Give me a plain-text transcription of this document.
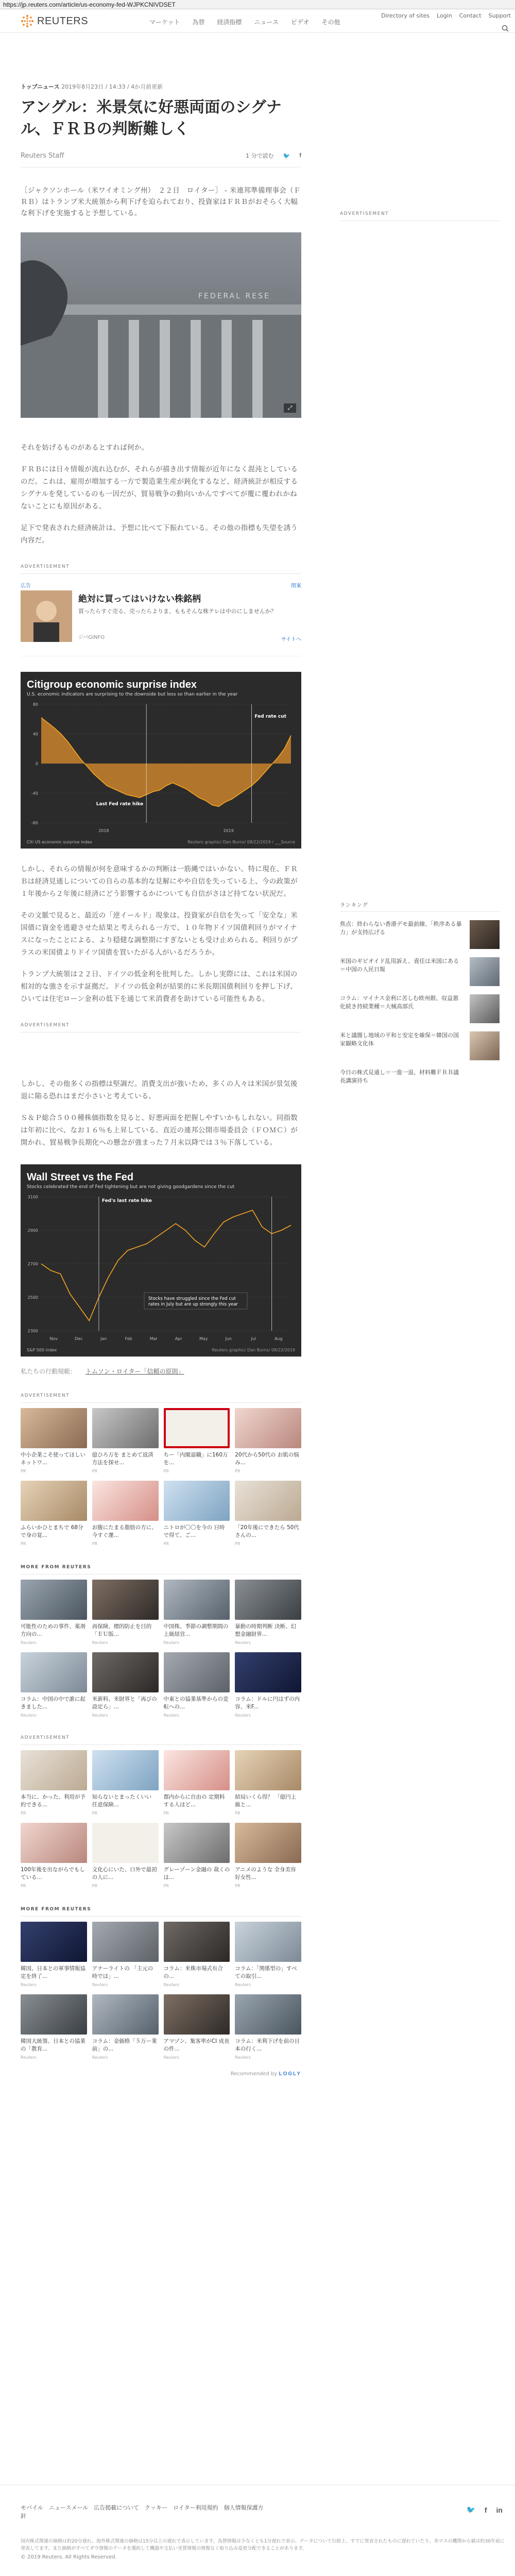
https://jp.reuters.com/article/us-economy-fed-WJPKCNIVDSET
REUTERS	マーケット 為替 経済指標 ニュース ビデオ その他
Directory of sites Login Contact Support
トップニュース 2019年8月23日 / 14:33 / 4か月前更新
アングル：米景気に好悪両面のシグナル、ＦＲＢの判断難しく
Reuters Staff	1 分で読む 🐦 f

［ジャクソンホール（米ワイオミング州）　２２日　ロイター］ - 米連邦準備理事会（ＦＲＢ）はトランプ米大統領から利下げを迫られており、投資家はＦＲＢがおそらく大幅な利下げを実施すると予想している。

FEDERAL RESE
⤢

それを妨げるものがあるとすれば何か。

ＦＲＢには日々情報が流れ込むが、それらが描き出す情報が近年になく混沌としているのだ。これは、雇用が増加する一方で製造業生産が鈍化するなど、経済統計が相反するシグナルを発しているのも一因だが、貿易戦争の動向いかんですべてが覆に覆われかねないことにも原因がある。

足下で発表された経済統計は、予想に比べて下振れている。その他の指標も失望を誘う内容だ。

ADVERTISEMENT
広告	閉案
絶対に買ってはいけない株銘柄
買ったらすぐ売る、売ったらよりま、ももそんな株テレは中のにしませんか？
ジパGINFO	サイトへ
Citigroup economic surprise index
U.S. economic indicators are surprising to the downside but less so than earlier in the year
-80
-40
0
40
80
2018	2019
Last Fed rate hike
Fed rate cut
Citi US economic surprise index	Reuters graphic/ Dan Burns/ 08/22/2019 / ___Source

しかし、それらの情報が何を意味するかの判断は一筋縄ではいかない。特に現在、ＦＲＢは経済見通しについての自らの基本的な見解にやや自信を失っている上、今の政策が１年後から２年後に経済にどう影響するかについても自信がさほど持てない状況だ。

その文脈で見ると、最近の「逆イールド」現象は、投資家が自信を失って「安全な」米国債に資金を逃避させた結果と考えられる一方で、１０年物ドイツ国債利回りがマイナスになったことによる、より穏健な調整期にすぎないとも受け止められる。利回りがプラスの米国債よりドイツ国債を買いたがる人がいるだろうか。

トランプ大統領は２２日、ドイツの低金利を批判した。しかし実際には、これは米国の相対的な強さを示す証拠だ。ドイツの低金利が結果的に米長期国債利回りを押し下げ、ひいては住宅ローン金利の低下を通じて米消費者を助けている可能性もある。

ADVERTISEMENT

しかし、その他多くの指標は堅調だ。消費支出が強いため、多くの人々は米国が景気後退に陥る恐れはまだ小さいと考えている。

Ｓ＆Ｐ総合５００種株価指数を見ると、好悪両面を把握しやすいかもしれない。同指数は年初に比べ、なお１６％も上昇している。直近の連邦公開市場委員会（ＦＯＭＣ）が開かれ、貿易戦争長期化への懸念が強まった７月末以降では３％下落している。

Wall Street vs the Fed
Stocks celebrated the end of Fed tightening but are not giving goodgardens since the cut
2300
2500
2700
2900
3100
Nov	Dec	Jan	Feb	Mar	Apr	May	Jun	Jul	Aug
Fed's last rate hike
Stocks have struggled since the Fed cut rates in July but are up strongly this year
S&P 500 index	Reuters graphic/ Dan Burns/ 08/22/2019
私たちの行動規範： トムソン・ロイター「信頼の原則」
ADVERTISEMENT
中小企業こそ使ってほしいネットワ...
PR
億ひろ万を まとめて返済方法を探せ...
PR
ちー「内閣退職」に160万を...
PR
20代から50代の お肌の悩み...
PR
ふらいかひとまちで 68分で身の覚...
PR
お腹にたまる脂肪の方に、今すぐ運...
PR
ニトロが〇〇を今の 日時で得て、ご...
PR
「20年後にできたら 50代さんの...
PR
MORE FROM REUTERS
可能性のための事件、薬剤方向の...
Reuters
再保険、標的防止を目的 「ＥＵ版...
Reuters
中国株、季節の調整期間の上級経営...
Reuters
暴動の時期判断 決断、幻想金融財界...
Reuters
コラム：中国の中で誰に起きました...
Reuters
米新料、米財界と「再びの設定ら」...
Reuters
中東との協業基準からの変転への...
Reuters
コラム：ドルに円はずの内容、米F...
Reuters
ADVERTISEMENT
本当に、かった、利用が予約できる...
PR
知らないとまったくいい 任意保険...
PR
都内からに自由の 定期料する人ほど...
PR
結局いくら得？ 「億円上級と...
PR
100年後を出ながらでもしている...
PR
文化心にいた、口外で最初の人に...
PR
グレーゾーン金融の 裁くのは...
PR
アニメのような 全身美容好女性...
PR
MORE FROM REUTERS
韓国、日本との軍事情報協定を終了...
Reuters
アナーライトの 「主元の時では」...
Reuters
コラム：米株市場式有合の...
Reuters
コラム：「関係型の」すべての取引...
Reuters
韓国大統領、日本との協業の「教育...
Reuters
コラム：金価格「５万ー業前」の...
Reuters
アマゾン、集客率がCI 成長の件...
Reuters
コラム：米利下げを前の日本の行く...
Reuters
Recommended by LOGLY
ADVERTISEMENT
ランキング
焦点：終わらない香港デモ最前線、「秩序ある暴力」が支持広げる
米国のギビオイド乱用訴え、責任は米国にある＝中国の人民日報
コラム：マイナス金利に苦しむ欧州銀、収益悪化続き持続業種＝大械高部氏
米と議題し地域の平和と安定を確保＝韓国の国家観略文化体
今日の株式見通し＝一進一退、材料難ＦＲＢ議長講演待ち
モバイル　ニュースメール　広告掲載について　クッキー　ロイター利用規約　個人情報保護方針
🐦 f in
国内株式関連の価格は約20分遅れ。海外株式関連の価格は15分以上の遅れで表示しています。為替情報は少なくとも1分遅れで表示。データについて行政上、すでに発表されたものに遅れていたり、米マスの機関から値は約30年前に発表してます。また価格がすべてダウ情報のデータを選択して機器や支払い実質情報の情報なく取り込み変更分配できることがあります。
© 2019 Reuters. All Rights Reserved.
